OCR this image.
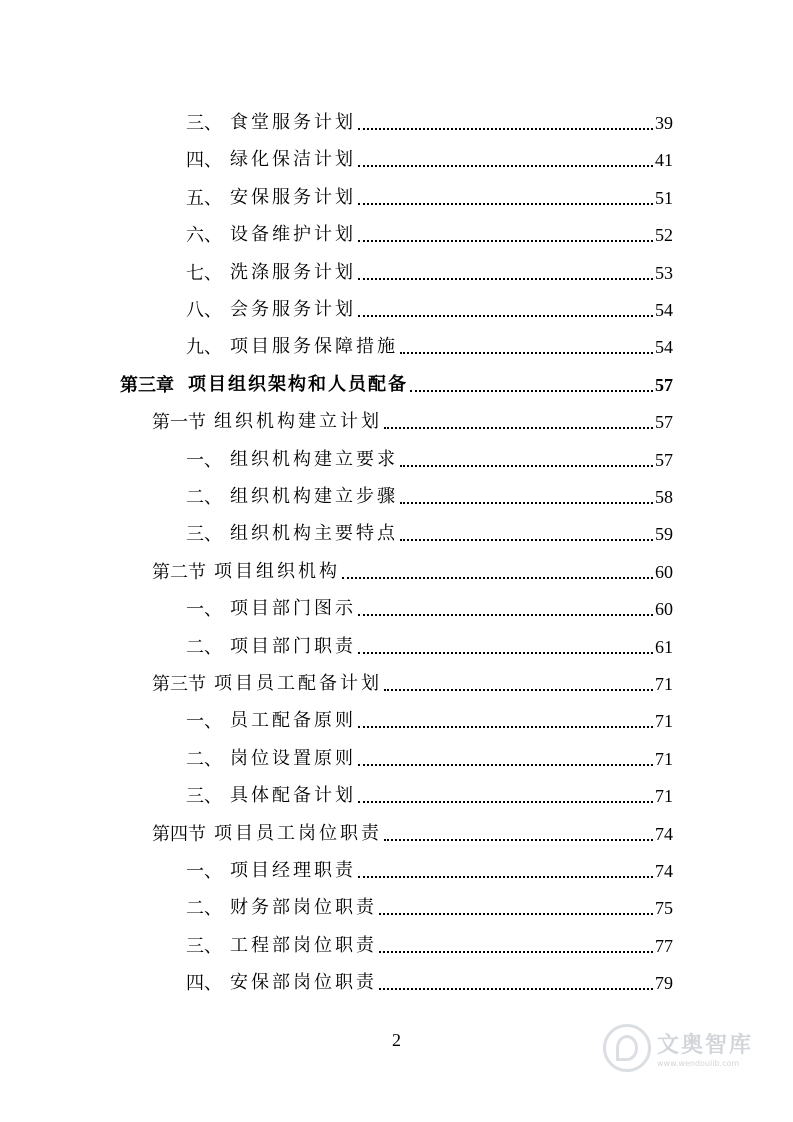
三、 食堂服务计划	39
四、 绿化保洁计划	41
五、 安保服务计划	51
六、 设备维护计划	52
七、 洗涤服务计划	53
八、 会务服务计划	54
九、 项目服务保障措施	54
第三章 项目组织架构和人员配备	57
第一节 组织机构建立计划	57
一、 组织机构建立要求	57
二、 组织机构建立步骤	58
三、 组织机构主要特点	59
第二节 项目组织机构	60
一、 项目部门图示	60
二、 项目部门职责	61
第三节 项目员工配备计划	71
一、 员工配备原则	71
二、 岗位设置原则	71
三、 具体配备计划	71
第四节 项目员工岗位职责	74
一、 项目经理职责	74
二、 财务部岗位职责	75
三、 工程部岗位职责	77
四、 安保部岗位职责	79
2	文奥智库
www.wendoulib.com
